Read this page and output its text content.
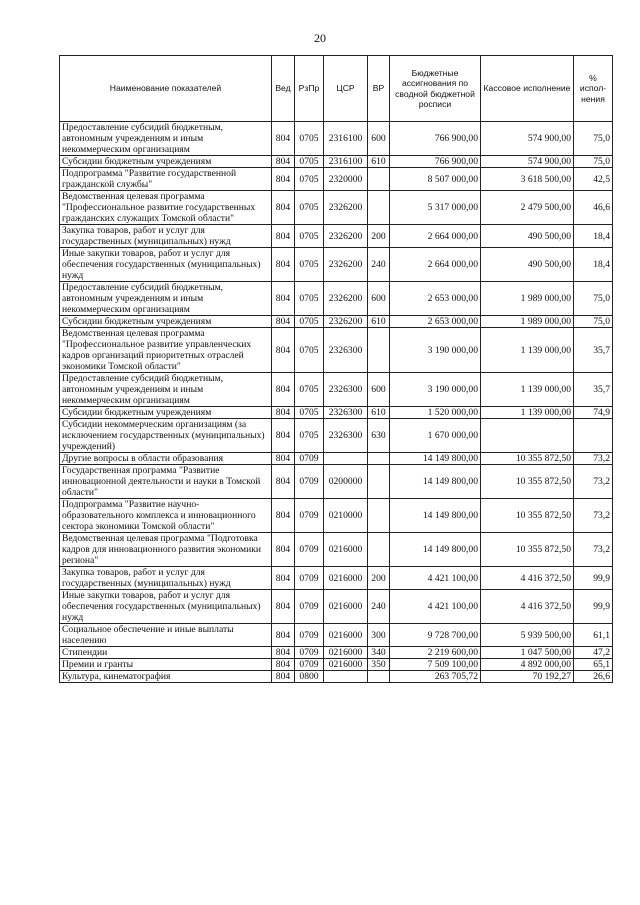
20
Наименование показателей	Вед	РзПр	ЦСР	ВР	Бюджетные ассигнования по сводной бюджетной росписи	Кассовое исполнение	% испол-нения
Предоставление субсидий бюджетным, автономным учреждениям и иным некоммерческим организациям	804	0705	2316100	600	766 900,00	574 900,00	75,0
Субсидии бюджетным учреждениям	804	0705	2316100	610	766 900,00	574 900,00	75,0
Подпрограмма "Развитие государственной гражданской службы"	804	0705	2320000		8 507 000,00	3 618 500,00	42,5
Ведомственная целевая программа "Профессиональное развитие государственных гражданских служащих Томской области"	804	0705	2326200		5 317 000,00	2 479 500,00	46,6
Закупка товаров, работ и услуг для государственных (муниципальных) нужд	804	0705	2326200	200	2 664 000,00	490 500,00	18,4
Иные закупки товаров, работ и услуг для обеспечения государственных (муниципальных) нужд	804	0705	2326200	240	2 664 000,00	490 500,00	18,4
Предоставление субсидий бюджетным, автономным учреждениям и иным некоммерческим организациям	804	0705	2326200	600	2 653 000,00	1 989 000,00	75,0
Субсидии бюджетным учреждениям	804	0705	2326200	610	2 653 000,00	1 989 000,00	75,0
Ведомственная целевая программа "Профессиональное развитие управленческих кадров организаций приоритетных отраслей экономики Томской области"	804	0705	2326300		3 190 000,00	1 139 000,00	35,7
Предоставление субсидий бюджетным, автономным учреждениям и иным некоммерческим организациям	804	0705	2326300	600	3 190 000,00	1 139 000,00	35,7
Субсидии бюджетным учреждениям	804	0705	2326300	610	1 520 000,00	1 139 000,00	74,9
Субсидии некоммерческим организациям (за исключением государственных (муниципальных) учреждений)	804	0705	2326300	630	1 670 000,00		
Другие вопросы в области образования	804	0709			14 149 800,00	10 355 872,50	73,2
Государственная программа "Развитие инновационной деятельности и науки в Томской области"	804	0709	0200000		14 149 800,00	10 355 872,50	73,2
Подпрограмма "Развитие научно-образовательного комплекса и инновационного сектора экономики Томской области"	804	0709	0210000		14 149 800,00	10 355 872,50	73,2
Ведомственная целевая программа "Подготовка кадров для инновационного развития экономики региона"	804	0709	0216000		14 149 800,00	10 355 872,50	73,2
Закупка товаров, работ и услуг для государственных (муниципальных) нужд	804	0709	0216000	200	4 421 100,00	4 416 372,50	99,9
Иные закупки товаров, работ и услуг для обеспечения государственных (муниципальных) нужд	804	0709	0216000	240	4 421 100,00	4 416 372,50	99,9
Социальное обеспечение и иные выплаты населению	804	0709	0216000	300	9 728 700,00	5 939 500,00	61,1
Стипендии	804	0709	0216000	340	2 219 600,00	1 047 500,00	47,2
Премии и гранты	804	0709	0216000	350	7 509 100,00	4 892 000,00	65,1
Культура, кинематография	804	0800			263 705,72	70 192,27	26,6
